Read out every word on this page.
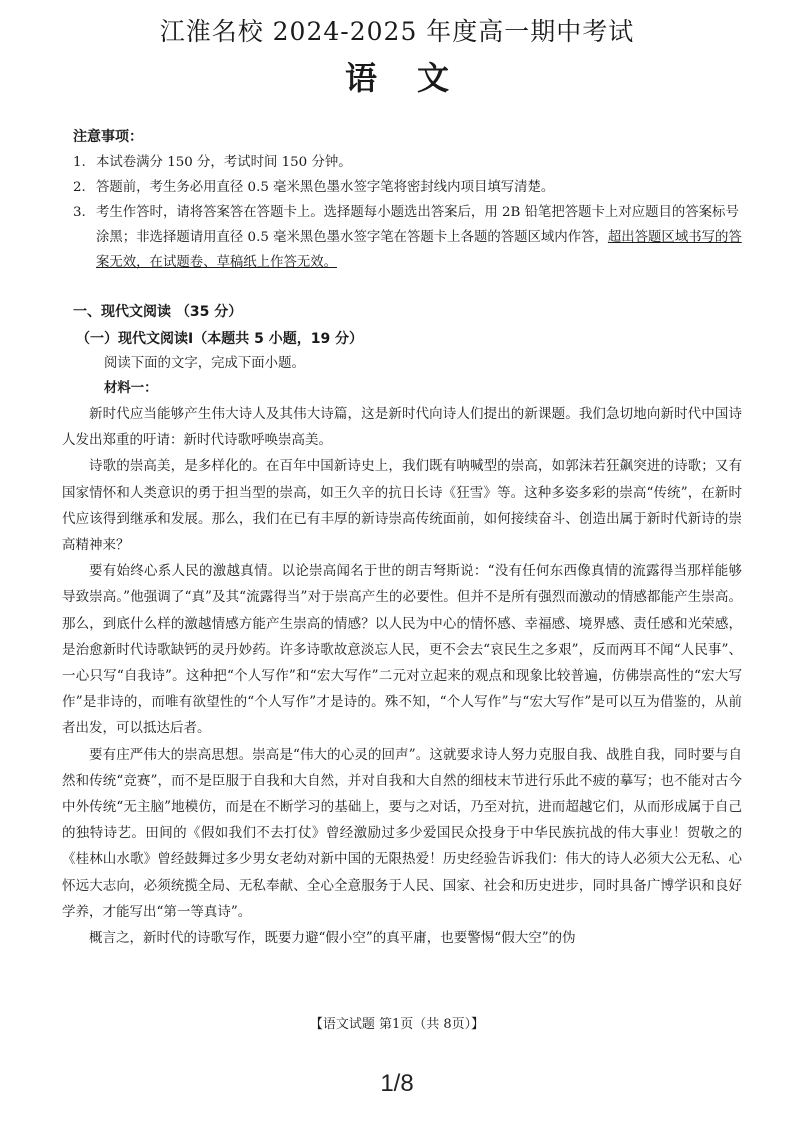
江淮名校 2024-2025 年度高一期中考试
语文
注意事项：
1. 本试卷满分 150 分，考试时间 150 分钟。
2. 答题前，考生务必用直径 0.5 毫米黑色墨水签字笔将密封线内项目填写清楚。
3. 考生作答时，请将答案答在答题卡上。选择题每小题选出答案后，用 2B 铅笔把答题卡上对应题目的答案标号涂黑；非选择题请用直径 0.5 毫米黑色墨水签字笔在答题卡上各题的答题区域内作答，超出答题区域书写的答案无效，在试题卷、草稿纸上作答无效。
一、现代文阅读 （35 分）
（一）现代文阅读Ⅰ（本题共 5 小题，19 分）
阅读下面的文字，完成下面小题。
材料一：

新时代应当能够产生伟大诗人及其伟大诗篇，这是新时代向诗人们提出的新课题。我们急切地向新时代中国诗人发出郑重的吁请：新时代诗歌呼唤崇高美。

诗歌的崇高美，是多样化的。在百年中国新诗史上，我们既有呐喊型的崇高，如郭沫若狂飙突进的诗歌；又有国家情怀和人类意识的勇于担当型的崇高，如王久辛的抗日长诗《狂雪》等。这种多姿多彩的崇高“传统”，在新时代应该得到继承和发展。那么，我们在已有丰厚的新诗崇高传统面前，如何接续奋斗、创造出属于新时代新诗的崇高精神来？

要有始终心系人民的激越真情。以论崇高闻名于世的朗吉弩斯说：“没有任何东西像真情的流露得当那样能够导致崇高。”他强调了“真”及其“流露得当”对于崇高产生的必要性。但并不是所有强烈而激动的情感都能产生崇高。那么，到底什么样的激越情感方能产生崇高的情感？以人民为中心的情怀感、幸福感、境界感、责任感和光荣感，是治愈新时代诗歌缺钙的灵丹妙药。许多诗歌故意淡忘人民，更不会去“哀民生之多艰”，反而两耳不闻“人民事”、一心只写“自我诗”。这种把“个人写作”和“宏大写作”二元对立起来的观点和现象比较普遍，仿佛崇高性的“宏大写作”是非诗的，而唯有欲望性的“个人写作”才是诗的。殊不知，“个人写作”与“宏大写作”是可以互为借鉴的，从前者出发，可以抵达后者。

要有庄严伟大的崇高思想。崇高是“伟大的心灵的回声”。这就要求诗人努力克服自我、战胜自我，同时要与自然和传统“竞赛”，而不是臣服于自我和大自然，并对自我和大自然的细枝末节进行乐此不疲的摹写；也不能对古今中外传统“无主脑”地模仿，而是在不断学习的基础上，要与之对话，乃至对抗，进而超越它们，从而形成属于自己的独特诗艺。田间的《假如我们不去打仗》曾经激励过多少爱国民众投身于中华民族抗战的伟大事业！贺敬之的《桂林山水歌》曾经鼓舞过多少男女老幼对新中国的无限热爱！历史经验告诉我们：伟大的诗人必须大公无私、心怀远大志向，必须统揽全局、无私奉献、全心全意服务于人民、国家、社会和历史进步，同时具备广博学识和良好学养，才能写出“第一等真诗”。

概言之，新时代的诗歌写作，既要力避“假小空”的真平庸，也要警惕“假大空”的伪

【语文试题 第1页（共 8页）】
1/8
